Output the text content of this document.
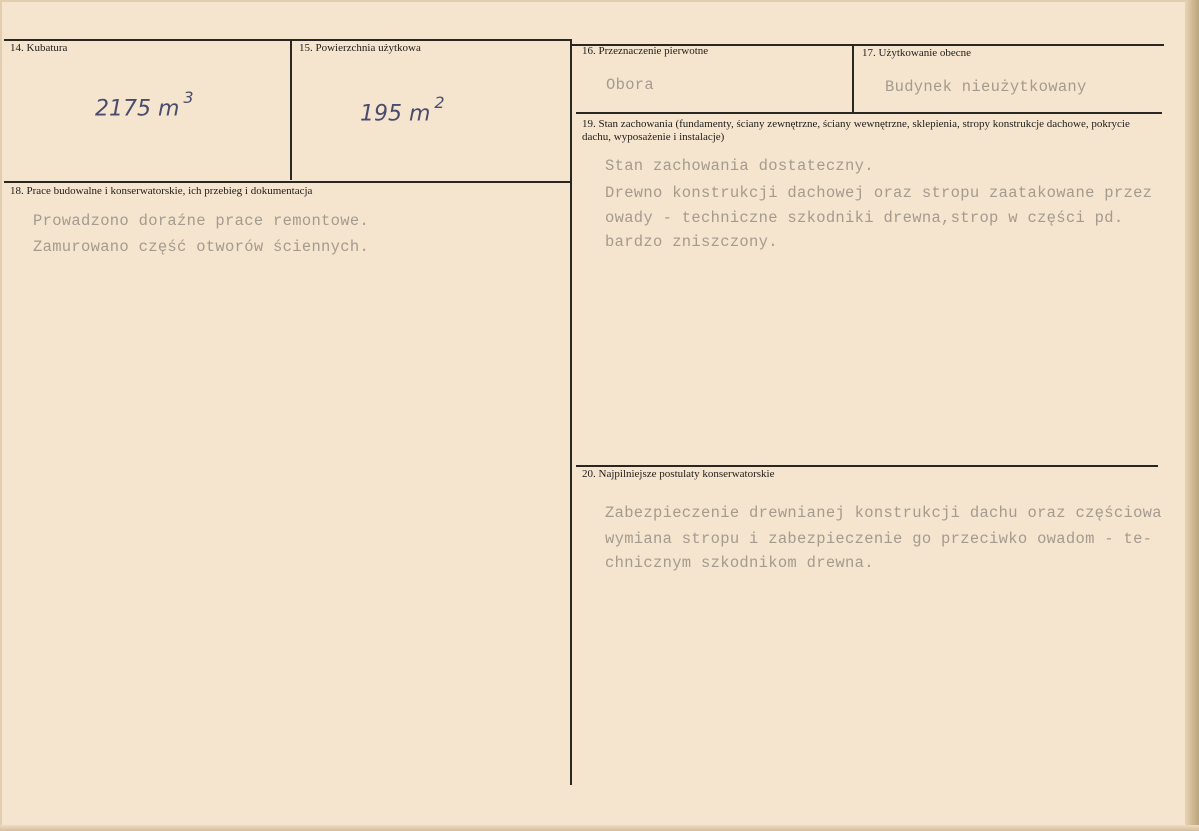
14. Kubatura
2175 m $^3$
15. Powierzchnia użytkowa
195 m $^2$
16. Przeznaczenie pierwotne
Obora
17. Użytkowanie obecne
Budynek nieużytkowany
18. Prace budowalne i konserwatorskie, ich przebieg i dokumentacja
Prowadzono doraźne prace remontowe.
Zamurowano część otworów ściennych.
19. Stan zachowania (fundamenty, ściany zewnętrzne, ściany wewnętrzne, sklepienia, stropy konstrukcje dachowe, pokrycie dachu, wyposażenie i instalacje)
Stan zachowania dostateczny.
Drewno konstrukcji dachowej oraz stropu zaatakowane przez
owady - techniczne szkodniki drewna,strop w części pd.
bardzo zniszczony.
20. Najpilniejsze postulaty konserwatorskie
Zabezpieczenie drewnianej konstrukcji dachu oraz częściowa
wymiana stropu i zabezpieczenie go przeciwko owadom - te-
chnicznym szkodnikom drewna.
